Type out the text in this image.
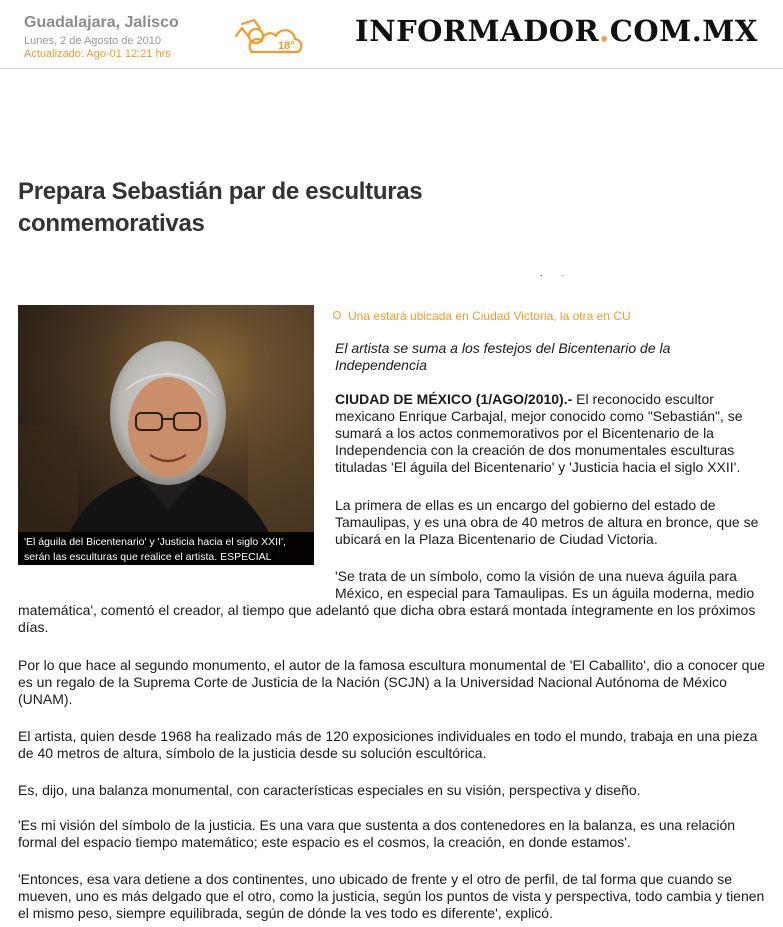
Guadalajara, Jalisco
Lunes, 2 de Agosto de 2010
Actualizado: Ago-01 12:21 hrs
18° INFORMADOR.COM.MX
Prepara Sebastián par de esculturas conmemorativas
· ·
'El águila del Bicentenario' y 'Justicia hacia el siglo XXII', serán las esculturas que realice el artista. ESPECIAL
Una estará ubicada en Ciudad Victoria, la otra en CU
El artista se suma a los festejos del Bicentenario de la Independencia

CIUDAD DE MÉXICO (1/AGO/2010).- El reconocido escultor mexicano Enrique Carbajal, mejor conocido como "Sebastián", se sumará a los actos conmemorativos por el Bicentenario de la Independencia con la creación de dos monumentales esculturas tituladas 'El águila del Bicentenario' y 'Justicia hacia el siglo XXII'.

La primera de ellas es un encargo del gobierno del estado de Tamaulipas, y es una obra de 40 metros de altura en bronce, que se ubicará en la Plaza Bicentenario de Ciudad Victoria.

'Se trata de un símbolo, como la visión de una nueva águila para
México, en especial para Tamaulipas. Es un águila moderna, medio
matemática', comentó el creador, al tiempo que adelantó que dicha obra estará montada íntegramente en los próximos días.

Por lo que hace al segundo monumento, el autor de la famosa escultura monumental de 'El Caballito', dio a conocer que es un regalo de la Suprema Corte de Justicia de la Nación (SCJN) a la Universidad Nacional Autónoma de México (UNAM).

El artista, quien desde 1968 ha realizado más de 120 exposiciones individuales en todo el mundo, trabaja en una pieza de 40 metros de altura, símbolo de la justicia desde su solución escultórica.

Es, dijo, una balanza monumental, con características especiales en su visión, perspectiva y diseño.

'Es mi visión del símbolo de la justicia. Es una vara que sustenta a dos contenedores en la balanza, es una relación formal del espacio tiempo matemático; este espacio es el cosmos, la creación, en donde estamos'.

'Entonces, esa vara detiene a dos continentes, uno ubicado de frente y el otro de perfil, de tal forma que cuando se mueven, uno es más delgado que el otro, como la justicia, según los puntos de vista y perspectiva, todo cambia y tienen el mismo peso, siempre equilibrada, según de dónde la ves todo es diferente', explicó.
